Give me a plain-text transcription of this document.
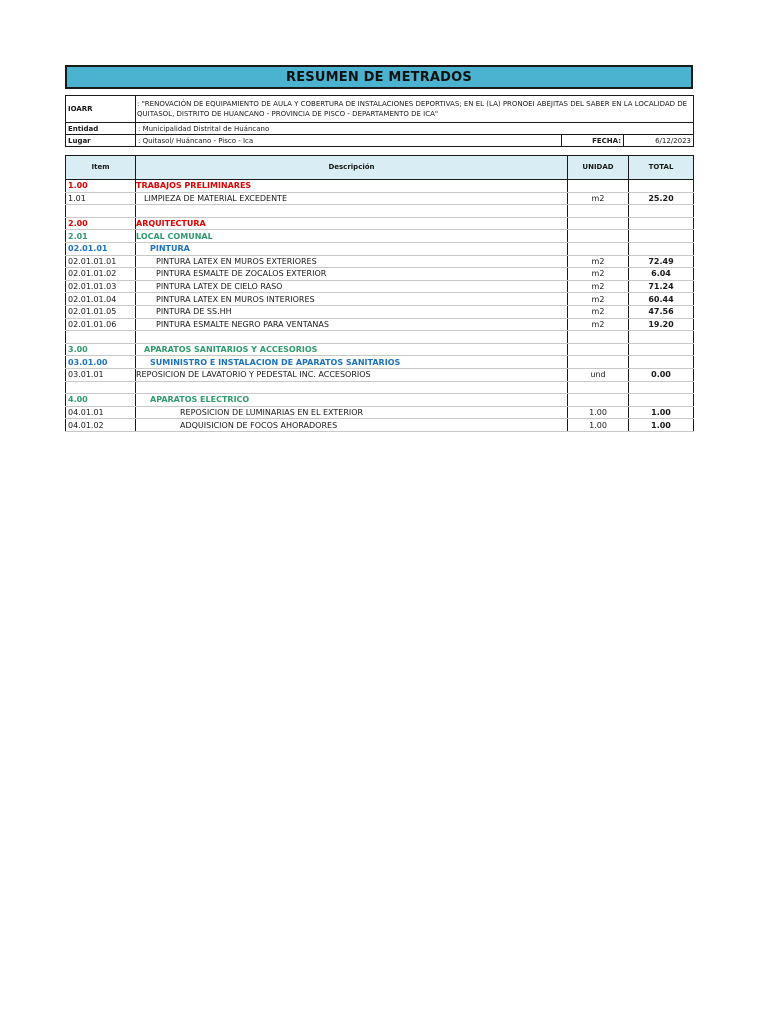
RESUMEN DE METRADOS
IOARR	: "RENOVACIÓN DE EQUIPAMIENTO DE AULA Y COBERTURA DE INSTALACIONES DEPORTIVAS; EN EL (LA) PRONOEI ABEJITAS DEL SABER EN LA LOCALIDAD DE QUITASOL, DISTRITO DE HUANCANO - PROVINCIA DE PISCO - DEPARTAMENTO DE ICA"		
Entidad	: Municipalidad Distrital de Huáncano		
Lugar	: Quitasol/ Huáncano - Pisco - Ica	FECHA:	6/12/2023
Item	Descripción	UNIDAD	TOTAL
1.00	TRABAJOS PRELIMINARES		
1.01	LIMPIEZA DE MATERIAL EXCEDENTE	m2	25.20

2.00	ARQUITECTURA		
2.01	LOCAL COMUNAL		
02.01.01	PINTURA		
02.01.01.01	PINTURA LATEX EN MUROS EXTERIORES	m2	72.49
02.01.01.02	PINTURA ESMALTE DE ZOCALOS EXTERIOR	m2	6.04
02.01.01.03	PINTURA LATEX DE CIELO RASO	m2	71.24
02.01.01.04	PINTURA LATEX EN MUROS INTERIORES	m2	60.44
02.01.01.05	PINTURA DE SS.HH	m2	47.56
02.01.01.06	PINTURA ESMALTE NEGRO PARA VENTANAS	m2	19.20

3.00	APARATOS SANITARIOS Y ACCESORIOS		
03.01.00	SUMINISTRO E INSTALACION DE APARATOS SANITARIOS		
03.01.01	REPOSICION DE LAVATORIO Y PEDESTAL INC. ACCESORIOS	und	0.00

4.00	APARATOS ELECTRICO		
04.01.01	REPOSICION DE LUMINARIAS EN EL EXTERIOR	1.00	1.00
04.01.02	ADQUISICION DE FOCOS AHORADORES	1.00	1.00
